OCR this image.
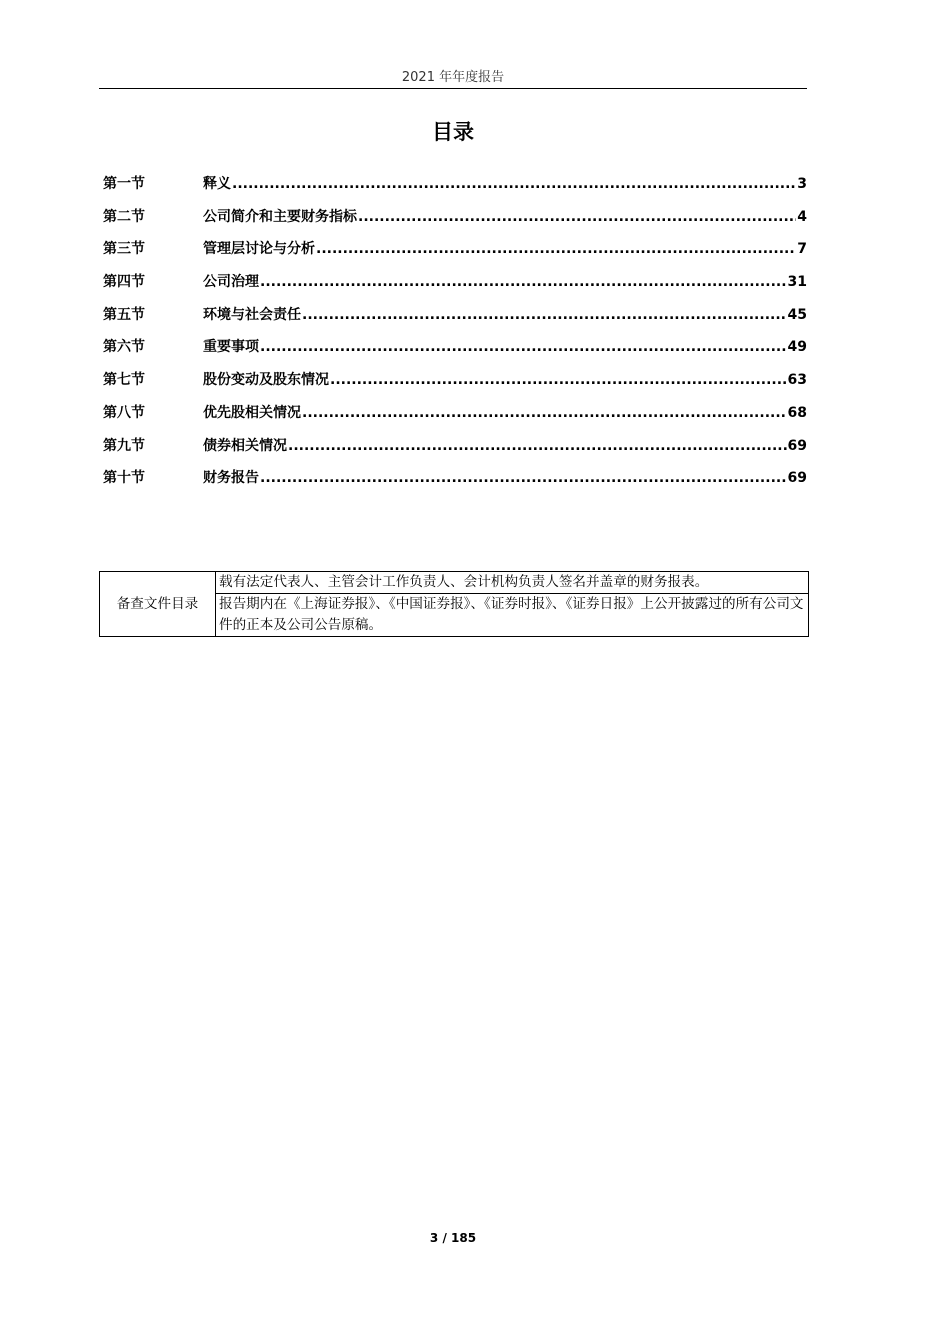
2021 年年度报告
目录
第一节	释义 .....	3
第二节	公司简介和主要财务指标 .....	4
第三节	管理层讨论与分析 .....	7
第四节	公司治理 .....	31
第五节	环境与社会责任 .....	45
第六节	重要事项 .....	49
第七节	股份变动及股东情况 .....	63
第八节	优先股相关情况 .....	68
第九节	债券相关情况 .....	69
第十节	财务报告 .....	69
备查文件目录	载有法定代表人、主管会计工作负责人、会计机构负责人签名并盖章的财务报表。
报告期内在《上海证券报》、《中国证券报》、《证券时报》、《证券日报》上公开披露过的所有公司文件的正本及公司公告原稿。
3 / 185
